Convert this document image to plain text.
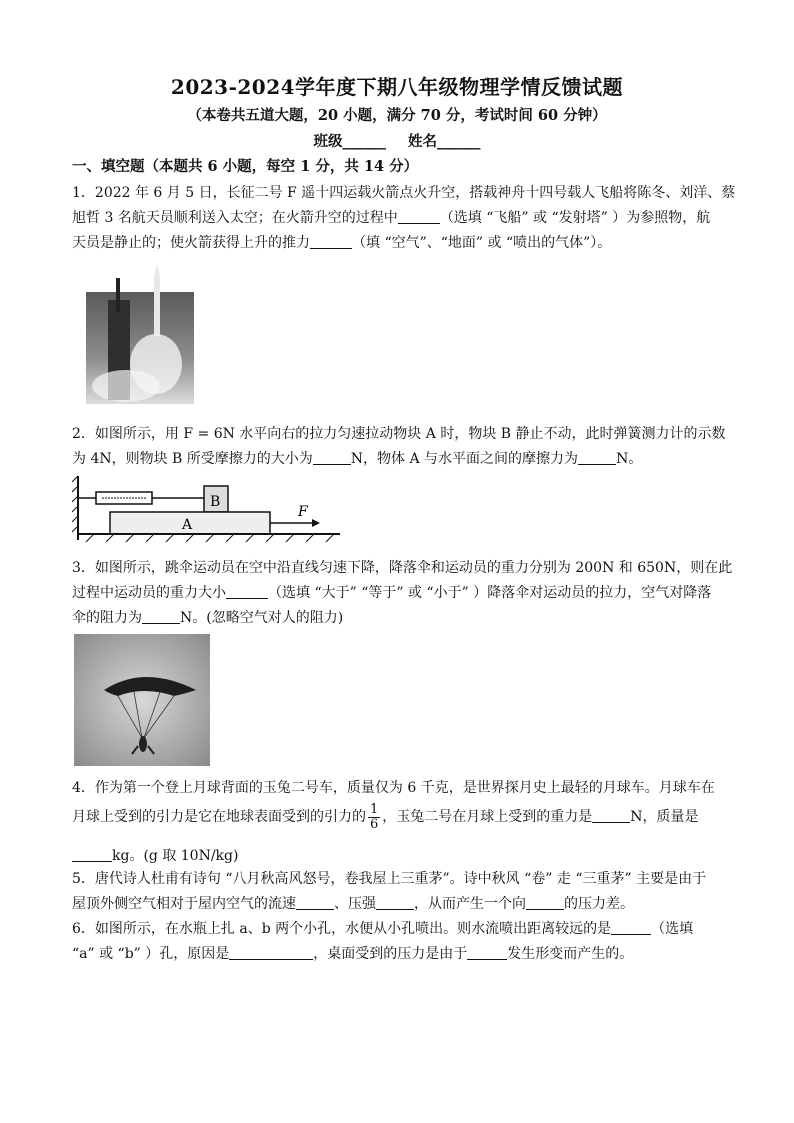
2023-2024学年度下期八年级物理学情反馈试题
（本卷共五道大题，20 小题，满分 70 分，考试时间 60 分钟）
班级______ 姓名______
一、填空题（本题共 6 小题，每空 1 分，共 14 分）
1．2022 年 6 月 5 日，长征二号 F 遥十四运载火箭点火升空，搭载神舟十四号载人飞船将陈冬、刘洋、蔡
旭哲 3 名航天员顺利送入太空；在火箭升空的过程中	（选填 “飞船” 或 “发射塔” ）为参照物，航
天员是静止的；使火箭获得上升的推力	（填 “空气”、“地面” 或 “喷出的气体”）。
2．如图所示，用 F = 6N 水平向右的拉力匀速拉动物块 A 时，物块 B 静止不动，此时弹簧测力计的示数
为 4N，则物块 B 所受摩擦力的大小为	N，物体 A 与水平面之间的摩擦力为	N。
B
A
F
3．如图所示，跳伞运动员在空中沿直线匀速下降，降落伞和运动员的重力分别为 200N 和 650N，则在此
过程中运动员的重力大小	（选填 “大于” “等于” 或 “小于” ）降落伞对运动员的拉力，空气对降落
伞的阻力为	N。(忽略空气对人的阻力)
4．作为第一个登上月球背面的玉兔二号车，质量仅为 6 千克，是世界探月史上最轻的月球车。月球车在
月球上受到的引力是它在地球表面受到的引力的 $\frac{1}{6}$ ，玉兔二号在月球上受到的重力是	N，质量是
kg。(g 取 10N/kg)
5．唐代诗人杜甫有诗句 “八月秋高风怒号，卷我屋上三重茅”。诗中秋风 “卷” 走 “三重茅” 主要是由于
屋顶外侧空气相对于屋内空气的流速	、压强	，从而产生一个向	的压力差。
6．如图所示，在水瓶上扎 a、b 两个小孔，水便从小孔喷出。则水流喷出距离较远的是	（选填
“a” 或 “b” ）孔，原因是	，桌面受到的压力是由于	发生形变而产生的。
